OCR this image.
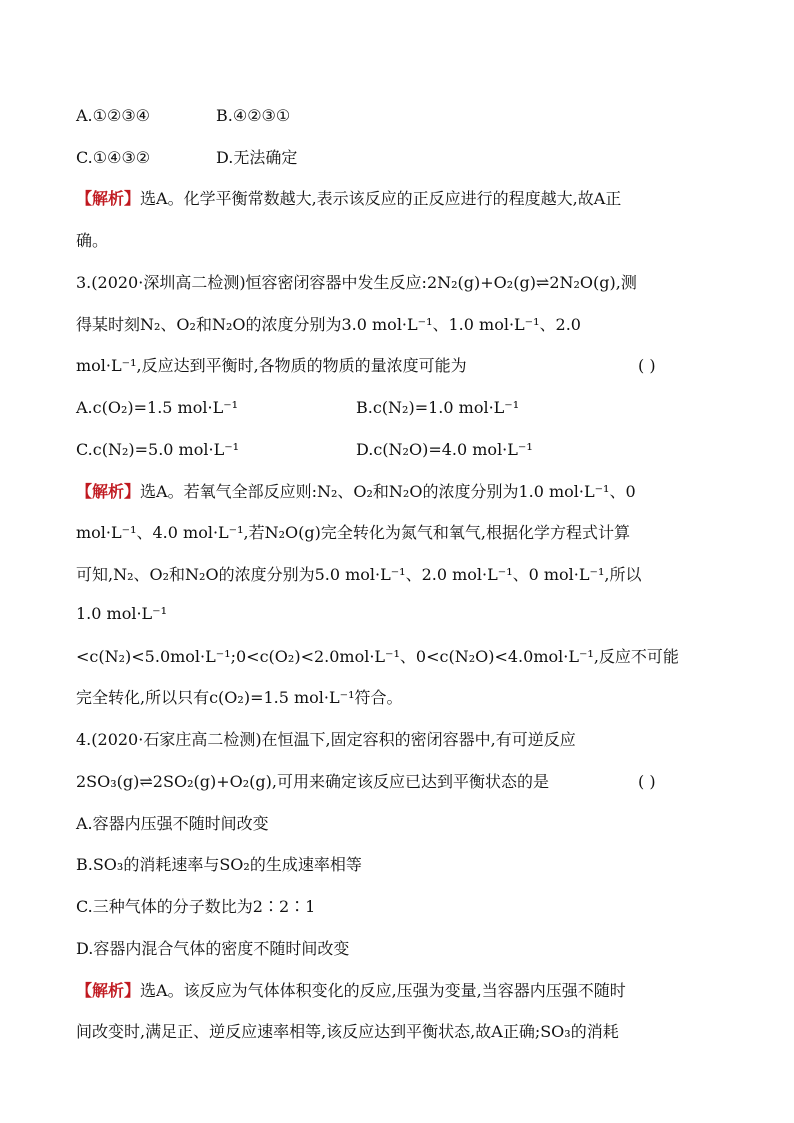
A.①②③④	B.④②③①
C.①④③②	D.无法确定
【解析】选A。化学平衡常数越大,表示该反应的正反应进行的程度越大,故A正
确。
3.(2020·深圳高二检测)恒容密闭容器中发生反应:2N₂(g)+O₂(g)⇌2N₂O(g),测
得某时刻N₂、O₂和N₂O的浓度分别为3.0 mol·L⁻¹、1.0 mol·L⁻¹、2.0
mol·L⁻¹,反应达到平衡时,各物质的物质的量浓度可能为	( )
A.c(O₂)=1.5 mol·L⁻¹	B.c(N₂)=1.0 mol·L⁻¹
C.c(N₂)=5.0 mol·L⁻¹	D.c(N₂O)=4.0 mol·L⁻¹
【解析】选A。若氧气全部反应则:N₂、O₂和N₂O的浓度分别为1.0 mol·L⁻¹、0
mol·L⁻¹、4.0 mol·L⁻¹,若N₂O(g)完全转化为氮气和氧气,根据化学方程式计算
可知,N₂、O₂和N₂O的浓度分别为5.0 mol·L⁻¹、2.0 mol·L⁻¹、0 mol·L⁻¹,所以
1.0 mol·L⁻¹
<c(N₂)<5.0mol·L⁻¹;0<c(O₂)<2.0mol·L⁻¹、0<c(N₂O)<4.0mol·L⁻¹,反应不可能
完全转化,所以只有c(O₂)=1.5 mol·L⁻¹符合。
4.(2020·石家庄高二检测)在恒温下,固定容积的密闭容器中,有可逆反应
2SO₃(g)⇌2SO₂(g)+O₂(g),可用来确定该反应已达到平衡状态的是	( )
A.容器内压强不随时间改变
B.SO₃的消耗速率与SO₂的生成速率相等
C.三种气体的分子数比为2∶2∶1
D.容器内混合气体的密度不随时间改变
【解析】选A。该反应为气体体积变化的反应,压强为变量,当容器内压强不随时
间改变时,满足正、逆反应速率相等,该反应达到平衡状态,故A正确;SO₃的消耗
